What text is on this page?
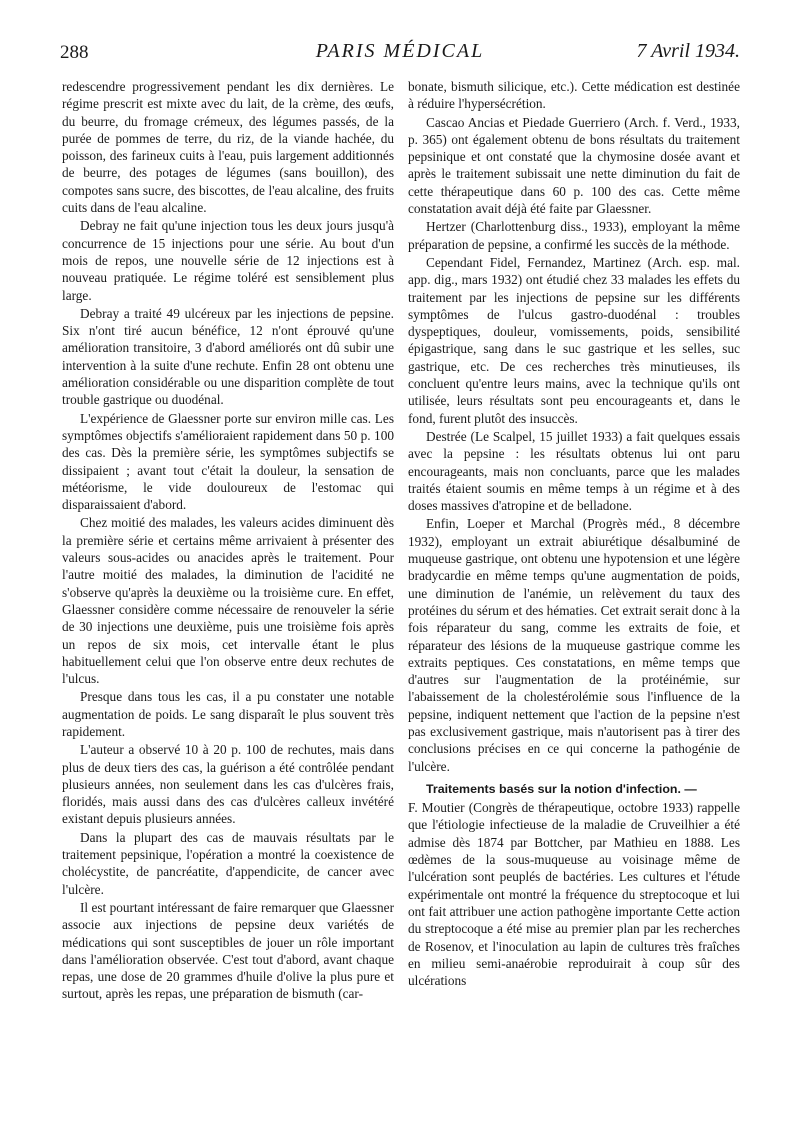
288	PARIS MÉDICAL	7 Avril 1934.

redescendre progressivement pendant les dix dernières. Le régime prescrit est mixte avec du lait, de la crème, des œufs, du beurre, du fromage crémeux, des légumes passés, de la purée de pommes de terre, du riz, de la viande hachée, du poisson, des farineux cuits à l'eau, puis largement additionnés de beurre, des potages de légumes (sans bouillon), des compotes sans sucre, des biscottes, de l'eau alcaline, des fruits cuits dans de l'eau alcaline.

Debray ne fait qu'une injection tous les deux jours jusqu'à concurrence de 15 injections pour une série. Au bout d'un mois de repos, une nouvelle série de 12 injections est à nouveau pratiquée. Le régime toléré est sensiblement plus large.

Debray a traité 49 ulcéreux par les injections de pepsine. Six n'ont tiré aucun bénéfice, 12 n'ont éprouvé qu'une amélioration transitoire, 3 d'abord améliorés ont dû subir une intervention à la suite d'une rechute. Enfin 28 ont obtenu une amélioration considérable ou une disparition complète de tout trouble gastrique ou duodénal.

L'expérience de Glaessner porte sur environ mille cas. Les symptômes objectifs s'amélioraient rapidement dans 50 p. 100 des cas. Dès la première série, les symptômes subjectifs se dissipaient ; avant tout c'était la douleur, la sensation de météorisme, le vide douloureux de l'estomac qui disparaissaient d'abord.

Chez moitié des malades, les valeurs acides diminuent dès la première série et certains même arrivaient à présenter des valeurs sous-acides ou anacides après le traitement. Pour l'autre moitié des malades, la diminution de l'acidité ne s'observe qu'après la deuxième ou la troisième cure. En effet, Glaessner considère comme nécessaire de renouveler la série de 30 injections une deuxième, puis une troisième fois après un repos de six mois, cet intervalle étant le plus habituellement celui que l'on observe entre deux rechutes de l'ulcus.

Presque dans tous les cas, il a pu constater une notable augmentation de poids. Le sang disparaît le plus souvent très rapidement.

L'auteur a observé 10 à 20 p. 100 de rechutes, mais dans plus de deux tiers des cas, la guérison a été contrôlée pendant plusieurs années, non seulement dans les cas d'ulcères frais, floridés, mais aussi dans des cas d'ulcères calleux invétéré existant depuis plusieurs années.

Dans la plupart des cas de mauvais résultats par le traitement pepsinique, l'opération a montré la coexistence de cholécystite, de pancréatite, d'appendicite, de cancer avec l'ulcère.

Il est pourtant intéressant de faire remarquer que Glaessner associe aux injections de pepsine deux variétés de médications qui sont susceptibles de jouer un rôle important dans l'amélioration observée. C'est tout d'abord, avant chaque repas, une dose de 20 grammes d'huile d'olive la plus pure et surtout, après les repas, une préparation de bismuth (car-

bonate, bismuth silicique, etc.). Cette médication est destinée à réduire l'hypersécrétion.

Cascao Ancias et Piedade Guerriero (Arch. f. Verd., 1933, p. 365) ont également obtenu de bons résultats du traitement pepsinique et ont constaté que la chymosine dosée avant et après le traitement subissait une nette diminution du fait de cette thérapeutique dans 60 p. 100 des cas. Cette même constatation avait déjà été faite par Glaessner.

Hertzer (Charlottenburg diss., 1933), employant la même préparation de pepsine, a confirmé les succès de la méthode.

Cependant Fidel, Fernandez, Martinez (Arch. esp. mal. app. dig., mars 1932) ont étudié chez 33 malades les effets du traitement par les injections de pepsine sur les différents symptômes de l'ulcus gastro-duodénal : troubles dyspeptiques, douleur, vomissements, poids, sensibilité épigastrique, sang dans le suc gastrique et les selles, suc gastrique, etc. De ces recherches très minutieuses, ils concluent qu'entre leurs mains, avec la technique qu'ils ont utilisée, leurs résultats sont peu encourageants et, dans le fond, furent plutôt des insuccès.

Destrée (Le Scalpel, 15 juillet 1933) a fait quelques essais avec la pepsine : les résultats obtenus lui ont paru encourageants, mais non concluants, parce que les malades traités étaient soumis en même temps à un régime et à des doses massives d'atropine et de belladone.

Enfin, Loeper et Marchal (Progrès méd., 8 décembre 1932), employant un extrait abiurétique désalbuminé de muqueuse gastrique, ont obtenu une hypotension et une légère bradycardie en même temps qu'une augmentation de poids, une diminution de l'anémie, un relèvement du taux des protéines du sérum et des hématies. Cet extrait serait donc à la fois réparateur du sang, comme les extraits de foie, et réparateur des lésions de la muqueuse gastrique comme les extraits peptiques. Ces constatations, en même temps que d'autres sur l'augmentation de la protéinémie, sur l'abaissement de la cholestérolémie sous l'influence de la pepsine, indiquent nettement que l'action de la pepsine n'est pas exclusivement gastrique, mais n'autorisent pas à tirer des conclusions précises en ce qui concerne la pathogénie de l'ulcère.

Traitements basés sur la notion d'infection. —

F. Moutier (Congrès de thérapeutique, octobre 1933) rappelle que l'étiologie infectieuse de la maladie de Cruveilhier a été admise dès 1874 par Bottcher, par Mathieu en 1888. Les œdèmes de la sous-muqueuse au voisinage même de l'ulcération sont peuplés de bactéries. Les cultures et l'étude expérimentale ont montré la fréquence du streptocoque et lui ont fait attribuer une action pathogène importante Cette action du streptocoque a été mise au premier plan par les recherches de Rosenov, et l'inoculation au lapin de cultures très fraîches en milieu semi-anaérobie reproduirait à coup sûr des ulcérations
